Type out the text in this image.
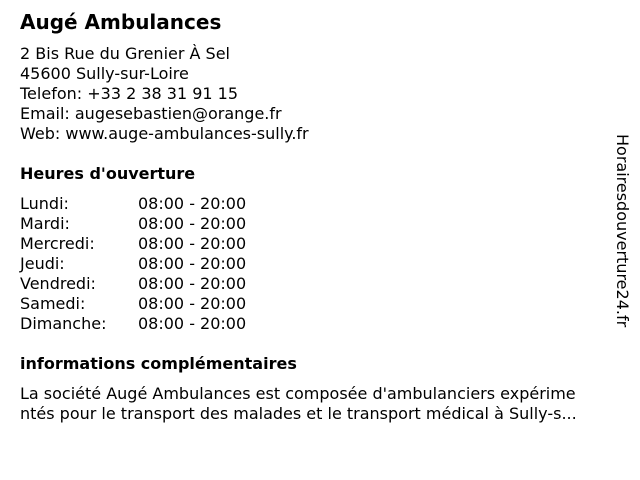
Augé Ambulances
2 Bis Rue du Grenier À Sel
45600 Sully-sur-Loire
Telefon: +33 2 38 31 91 15
Email: augesebastien@orange.fr
Web: www.auge-ambulances-sully.fr
Heures d'ouverture
Lundi:	08:00 - 20:00
Mardi:	08:00 - 20:00
Mercredi:	08:00 - 20:00
Jeudi:	08:00 - 20:00
Vendredi:	08:00 - 20:00
Samedi:	08:00 - 20:00
Dimanche:	08:00 - 20:00
informations complémentaires
La société Augé Ambulances est composée d'ambulanciers expérime
ntés pour le transport des malades et le transport médical à Sully-s...
Horairesdouverture24.fr
